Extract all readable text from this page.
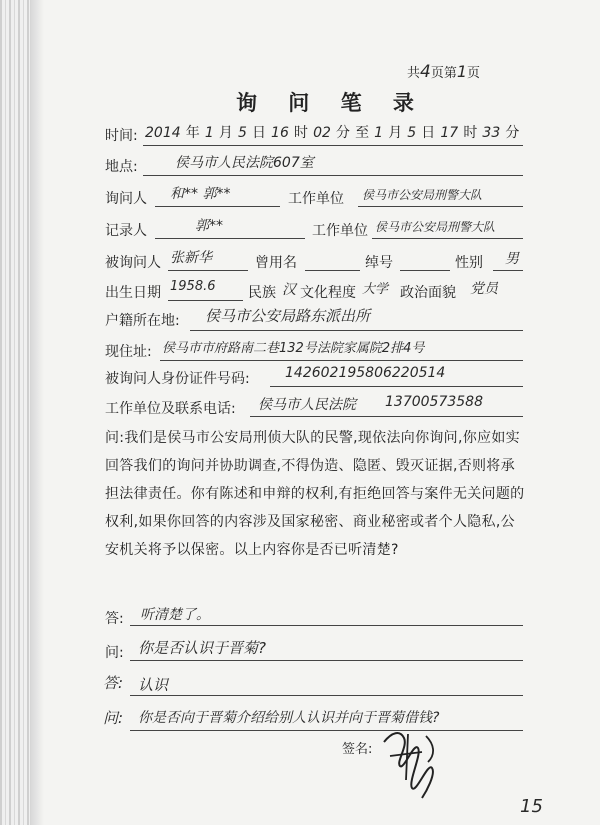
共4页第1页
询 问 笔 录
时间: 2014 年 1 月 5 日 16 时 02 分 至 1 月 5 日 17 时 33 分
地点:	侯马市人民法院607室
询问人 和** 郭**	工作单位 侯马市公安局刑警大队
记录人	郭**	工作单位 侯马市公安局刑警大队
被询问人 张新华	曾用名	绰号	性别 男
出生日期 1958.6 民族 汉 文化程度 大学 政治面貌 党员
户籍所在地: 侯马市公安局路东派出所
现住址: 侯马市市府路南二巷132号法院家属院2排4号
被询问人身份证件号码:	142602195806220514
工作单位及联系电话: 侯马市人民法院 13700573588
问:我们是侯马市公安局刑侦大队的民警,现依法向你询问,你应如实回答我们的询问并协助调查,不得伪造、隐匿、毁灭证据,否则将承担法律责任。你有陈述和申辩的权利,有拒绝回答与案件无关问题的权利,如果你回答的内容涉及国家秘密、商业秘密或者个人隐私,公安机关将予以保密。以上内容你是否已听清楚?
答: 听清楚了。
问: 你是否认识于晋菊?
答: 认识
问: 你是否向于晋菊介绍给别人认识并向于晋菊借钱?
签名:
15
